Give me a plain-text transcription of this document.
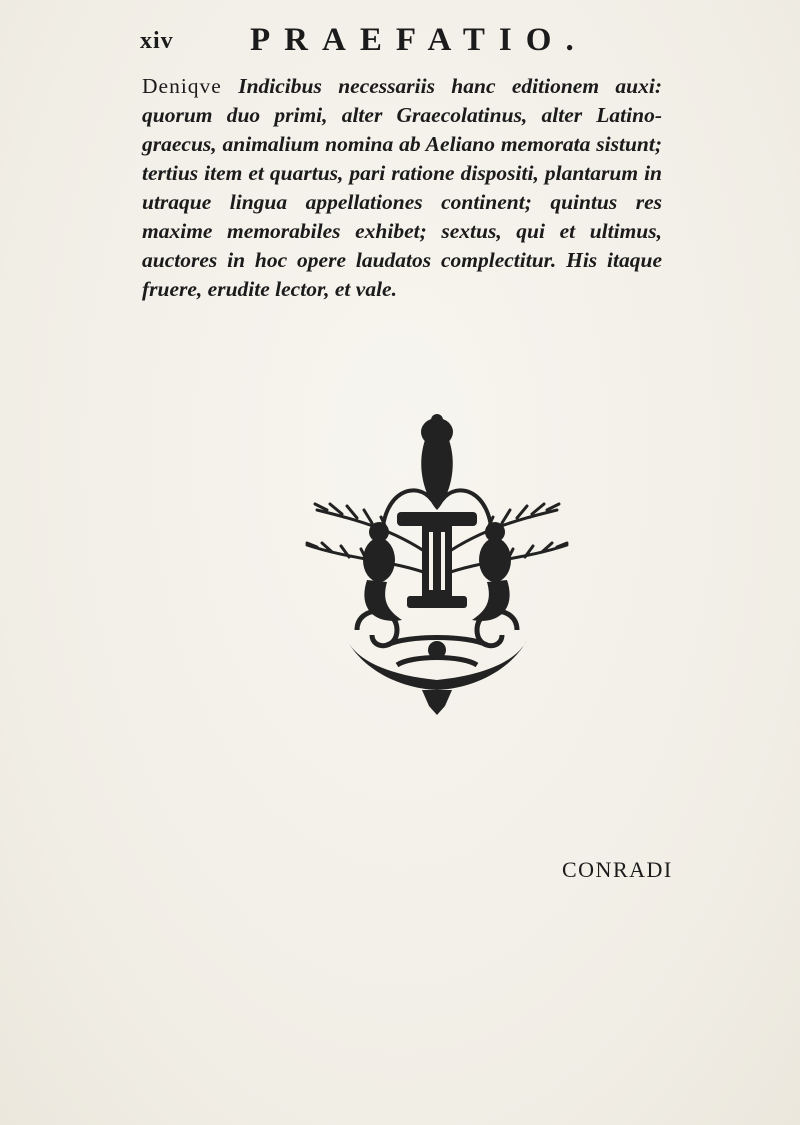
xiv PRAEFATIO.
Deniqve Indicibus necessariis hanc editionem auxi: quorum duo primi, alter Graecolatinus, alter Latino-graecus, animalium nomina ab Aeliano memorata sistunt; tertius item et quartus, pari ratione dispositi, plantarum in utraque lingua appellationes continent; quintus res maxime memorabiles exhibet; sextus, qui et ultimus, auctores in hoc opere laudatos complectitur. His itaque fruere, erudite lector, et vale.
CONRADI
